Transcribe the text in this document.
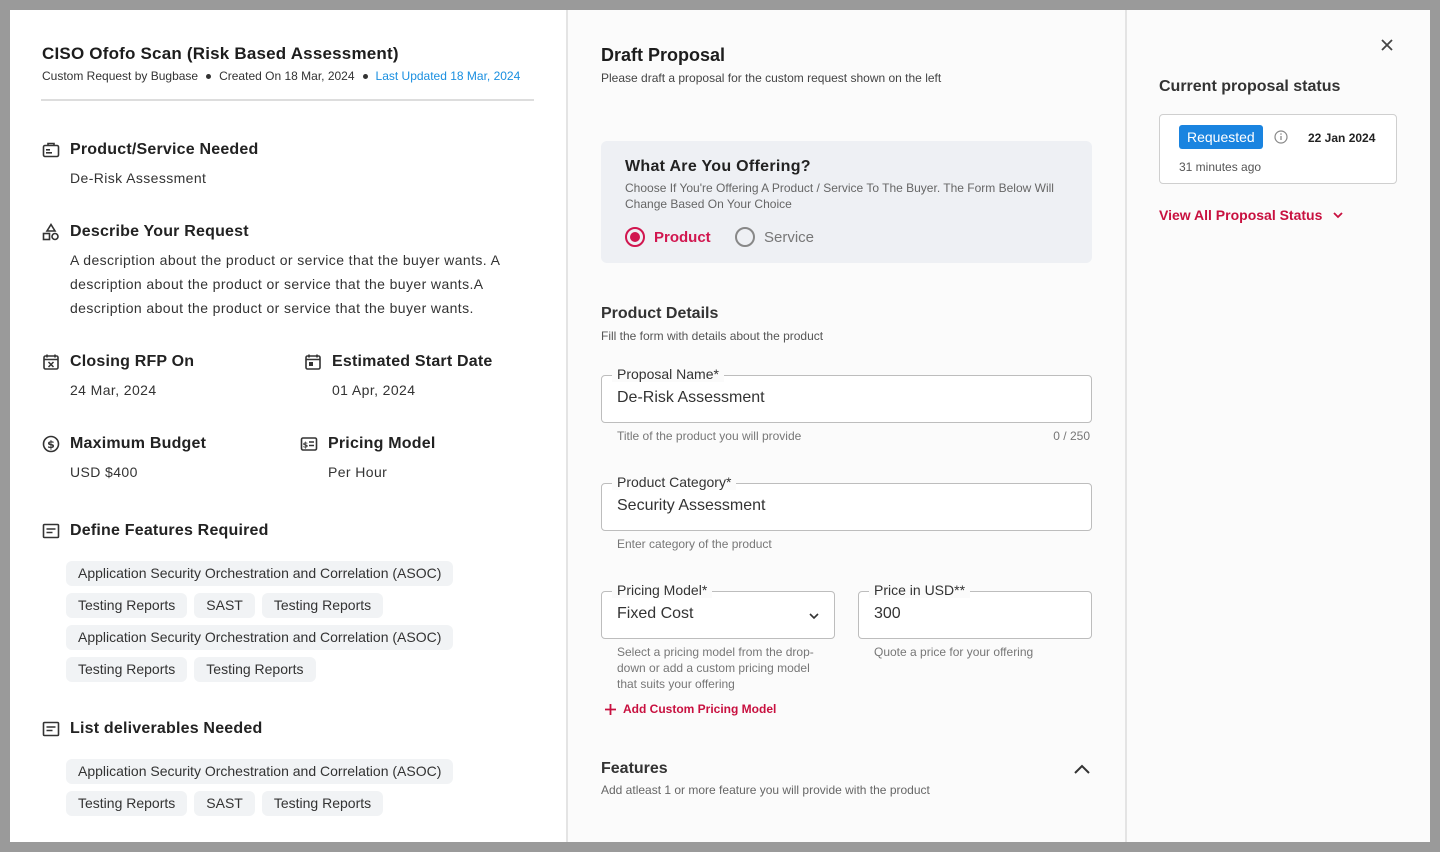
CISO Ofofo Scan (Risk Based Assessment)
Custom Request by Bugbase Created On 18 Mar, 2024 Last Updated 18 Mar, 2024
Product/Service Needed
De-Risk Assessment
Describe Your Request
A description about the product or service that the buyer wants. A description about the product or service that the buyer wants.A description about the product or service that the buyer wants.
Closing RFP On
24 Mar, 2024
Estimated Start Date
01 Apr, 2024
$ Maximum Budget
USD $400
$ Pricing Model
Per Hour
Define Features Required
Application Security Orchestration and Correlation (ASOC)
Testing Reports	SAST	Testing Reports
Application Security Orchestration and Correlation (ASOC)
Testing Reports	Testing Reports
List deliverables Needed
Application Security Orchestration and Correlation (ASOC)
Testing Reports	SAST	Testing Reports
Draft Proposal
Please draft a proposal for the custom request shown on the left
What Are You Offering?
Choose If You're Offering A Product / Service To The Buyer. The Form Below Will Change Based On Your Choice
Product	Service
Product Details
Fill the form with details about the product
Proposal Name*
De-Risk Assessment
Title of the product you will provide	0 / 250
Product Category*
Security Assessment
Enter category of the product
Pricing Model*
Fixed Cost
Select a pricing model from the drop-down or add a custom pricing model that suits your offering
Price in USD**
300
Quote a price for your offering
Add Custom Pricing Model
Features
Add atleast 1 or more feature you will provide with the product
Current proposal status
Requested	22 Jan 2024
31 minutes ago
View All Proposal Status
